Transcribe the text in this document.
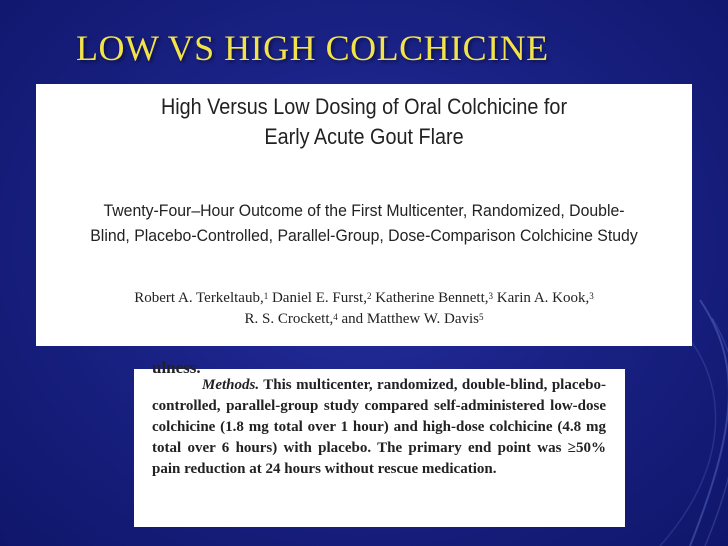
LOW VS HIGH COLCHICINE
High Versus Low Dosing of Oral Colchicine for
Early Acute Gout Flare
Twenty-Four–Hour Outcome of the First Multicenter, Randomized, Double-
Blind, Placebo-Controlled, Parallel-Group, Dose-Comparison Colchicine Study
Robert A. Terkeltaub,$^1$ Daniel E. Furst,$^2$ Katherine Bennett,$^3$ Karin A. Kook,$^3$
R. S. Crockett,$^4$ and Matthew W. Davis$^5$
ulness.
Methods. This multicenter, randomized, double-blind, placebo-controlled, parallel-group study compared self-administered low-dose colchicine (1.8 mg total over 1 hour) and high-dose colchicine (4.8 mg total over 6 hours) with placebo. The primary end point was ≥50% pain reduction at 24 hours without rescue medication.
